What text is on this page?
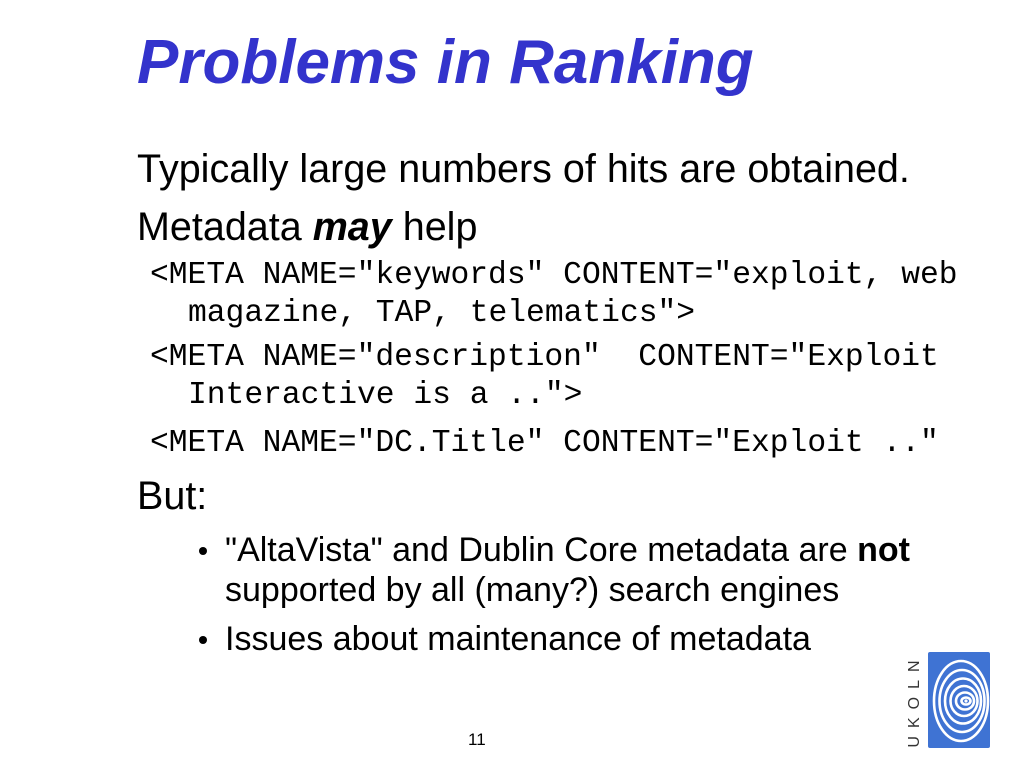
Problems in Ranking

Typically large numbers of hits are obtained.

Metadata may help

<META NAME="keywords" CONTENT="exploit, web

magazine, TAP, telematics">

<META NAME="description"  CONTENT="Exploit

Interactive is a ..">

<META NAME="DC.Title" CONTENT="Exploit .."

But:

"AltaVista" and Dublin Core metadata are not
supported by all (many?) search engines
Issues about maintenance of metadata
11	UKOLN
